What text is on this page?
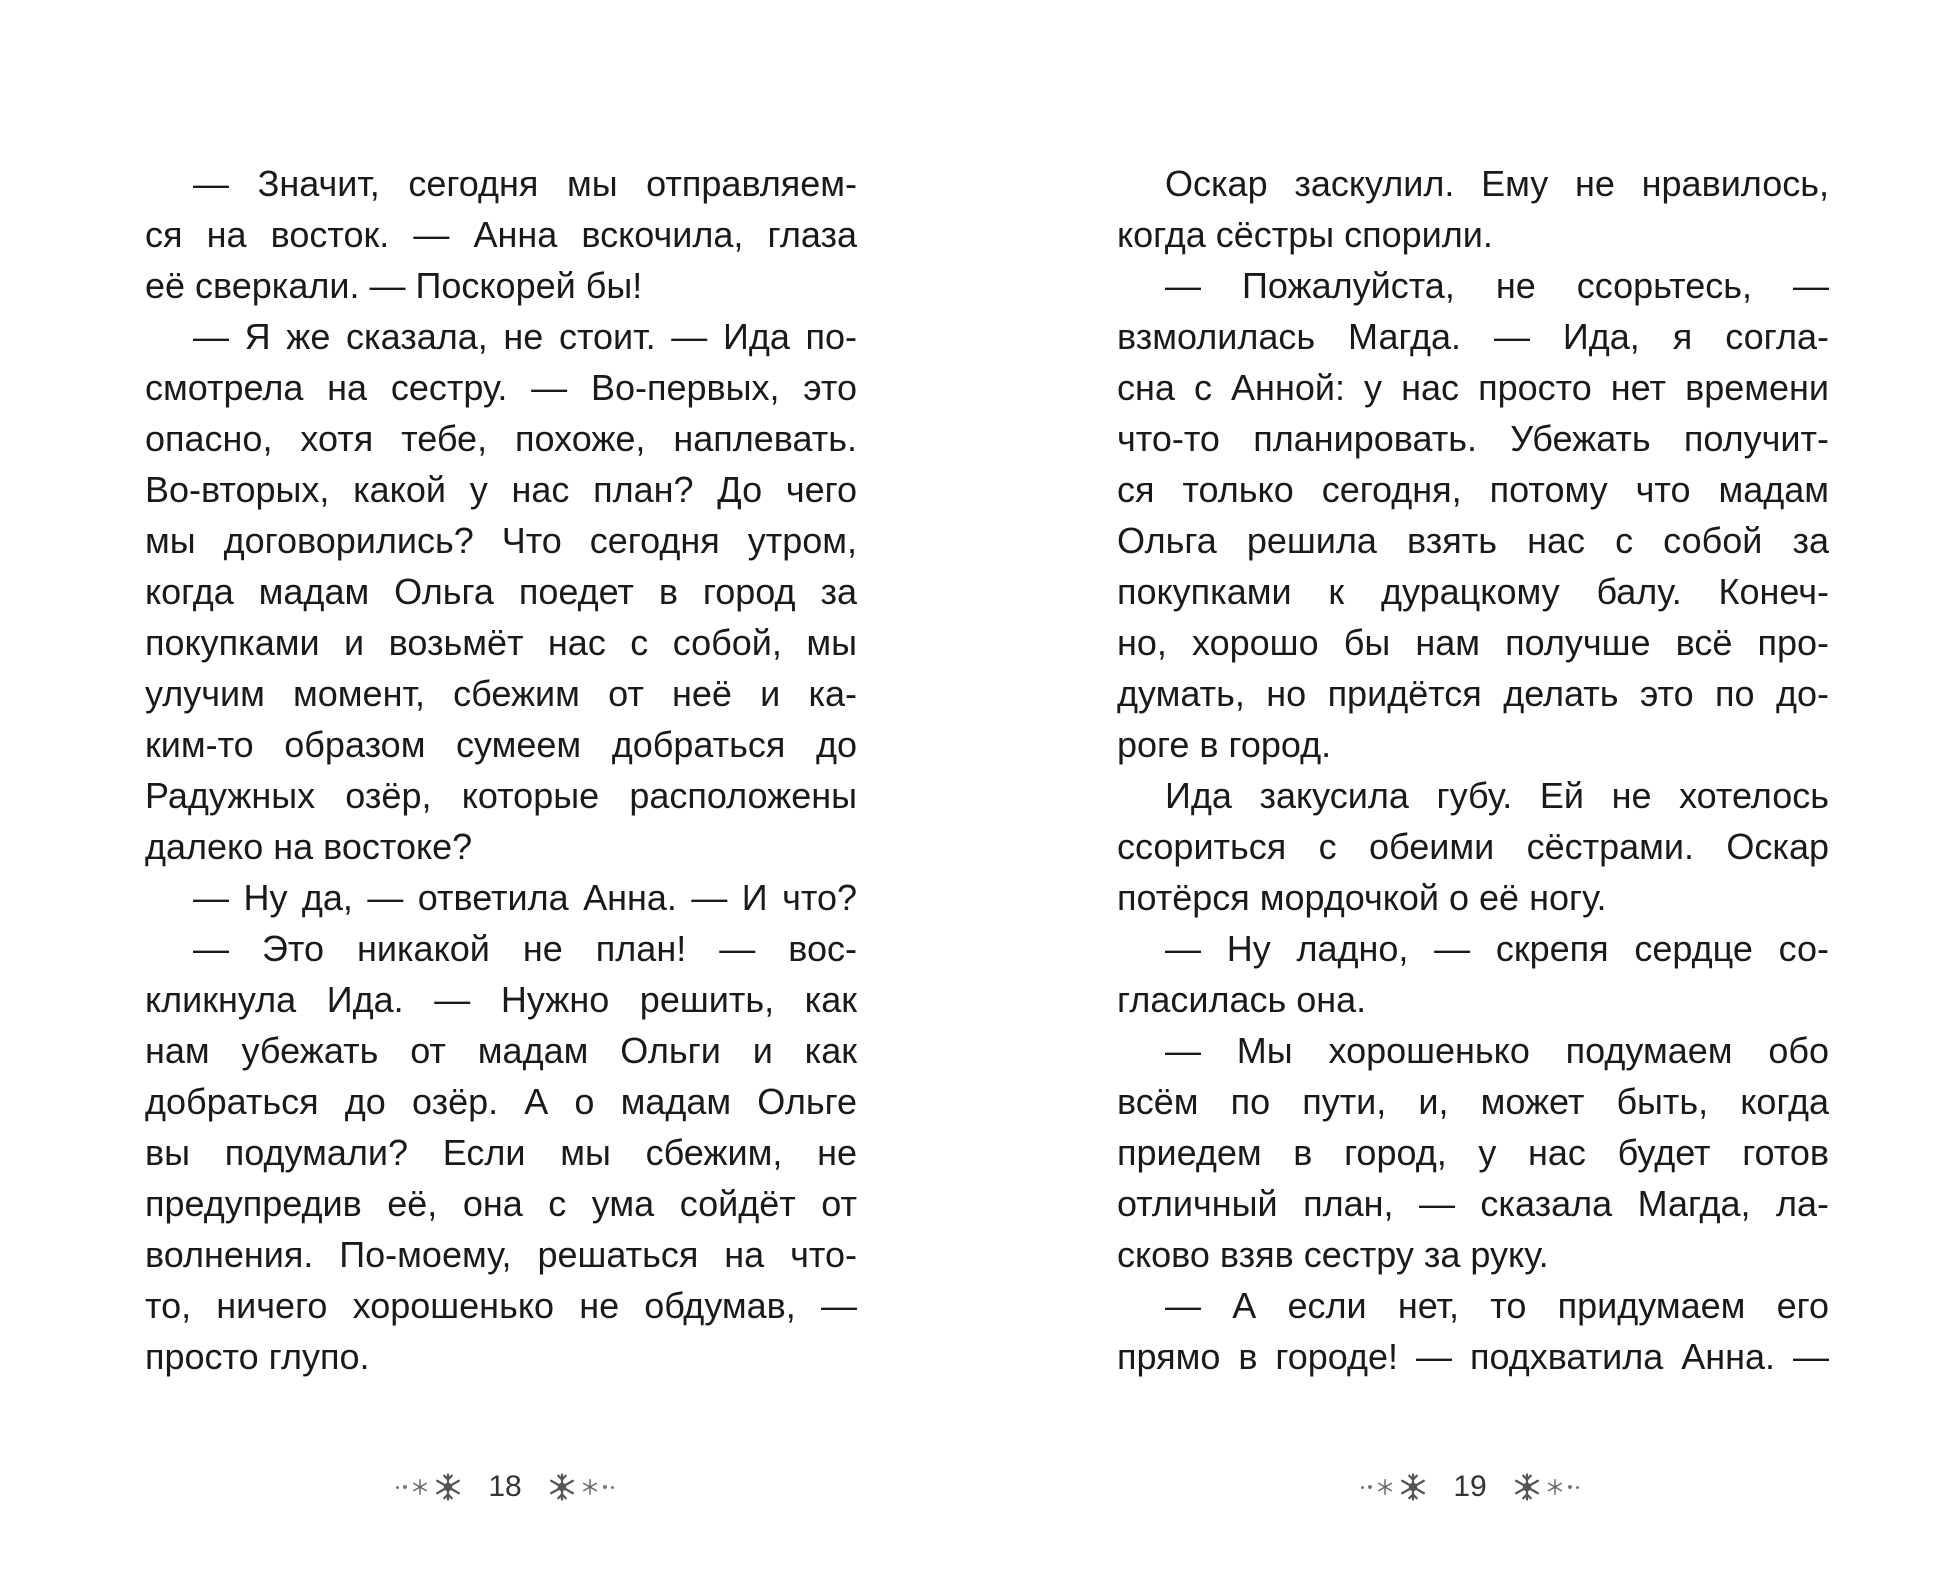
— Значит, сегодня мы отправляем-
ся на восток. — Анна вскочила, глаза
её сверкали. — Поскорей бы!
— Я же сказала, не стоит. — Ида по-
смотрела на сестру. — Во-первых, это
опасно, хотя тебе, похоже, наплевать.
Во-вторых, какой у нас план? До чего
мы договорились? Что сегодня утром,
когда мадам Ольга поедет в город за
покупками и возьмёт нас с собой, мы
улучим момент, сбежим от неё и ка-
ким-то образом сумеем добраться до
Радужных озёр, которые расположены
далеко на востоке?
— Ну да, — ответила Анна. — И что?
— Это никакой не план! — вос-
кликнула Ида. — Нужно решить, как
нам убежать от мадам Ольги и как
добраться до озёр. А о мадам Ольге
вы подумали? Если мы сбежим, не
предупредив её, она с ума сойдёт от
волнения. По-моему, решаться на что-
то, ничего хорошенько не обдумав, —
просто глупо.
Оскар заскулил. Ему не нравилось,
когда сёстры спорили.
— Пожалуйста, не ссорьтесь, —
взмолилась Магда. — Ида, я согла-
сна с Анной: у нас просто нет времени
что-то планировать. Убежать получит-
ся только сегодня, потому что мадам
Ольга решила взять нас с собой за
покупками к дурацкому балу. Конеч-
но, хорошо бы нам получше всё про-
думать, но придётся делать это по до-
роге в город.
Ида закусила губу. Ей не хотелось
ссориться с обеими сёстрами. Оскар
потёрся мордочкой о её ногу.
— Ну ладно, — скрепя сердце со-
гласилась она.
— Мы хорошенько подумаем обо
всём по пути, и, может быть, когда
приедем в город, у нас будет готов
отличный план, — сказала Магда, ла-
сково взяв сестру за руку.
— А если нет, то придумаем его
прямо в городе! — подхватила Анна. —
18	19
